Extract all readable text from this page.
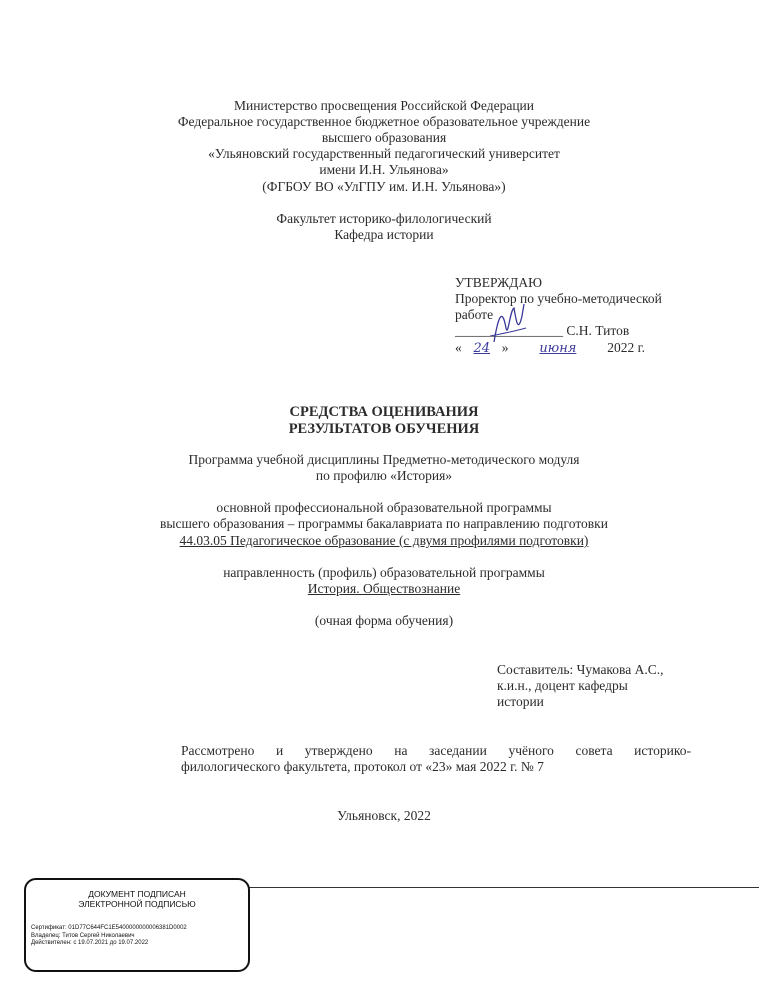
Министерство просвещения Российской Федерации
Федеральное государственное бюджетное образовательное учреждение
высшего образования
«Ульяновский государственный педагогический университет
имени И.Н. Ульянова»
(ФГБОУ ВО «УлГПУ им. И.Н. Ульянова»)
Факультет историко-филологический
Кафедра истории
УТВЕРЖДАЮ
Проректор по учебно-методической
работе
________________ С.Н. Титов
« 24 » июня 2022 г.
СРЕДСТВА ОЦЕНИВАНИЯ
РЕЗУЛЬТАТОВ ОБУЧЕНИЯ
Программа учебной дисциплины Предметно-методического модуля
по профилю «История»
основной профессиональной образовательной программы
высшего образования – программы бакалавриата по направлению подготовки
44.03.05 Педагогическое образование (с двумя профилями подготовки)
направленность (профиль) образовательной программы
История. Обществознание
(очная форма обучения)
Составитель: Чумакова А.С.,
к.и.н., доцент кафедры
истории
Рассмотрено и утверждено на заседании учёного совета историко-
филологического факультета, протокол от «23» мая 2022 г. № 7
Ульяновск, 2022
ДОКУМЕНТ ПОДПИСАН
ЭЛЕКТРОННОЙ ПОДПИСЬЮ
Сертификат: 01D77C644FC1E5400000000006381D0002
Владелец: Титов Сергей Николаевич
Действителен: с 19.07.2021 до 19.07.2022
